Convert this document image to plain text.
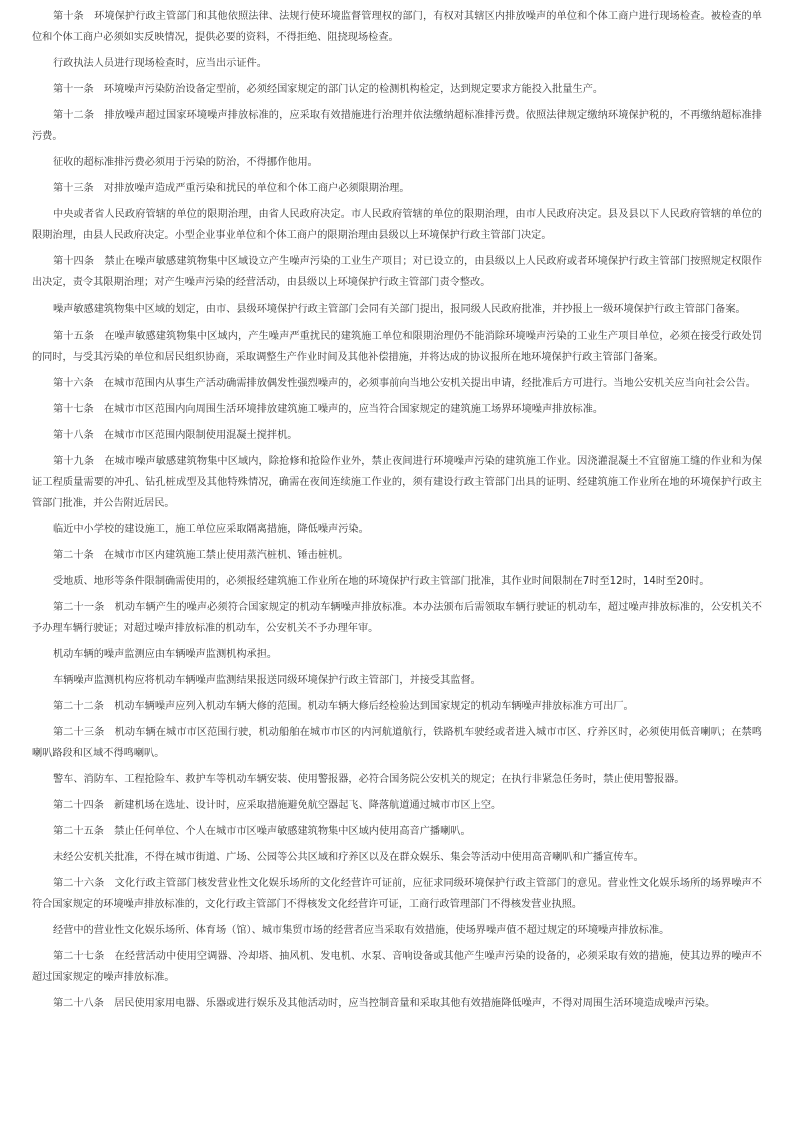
第十条　环境保护行政主管部门和其他依照法律、法规行使环境监督管理权的部门，有权对其辖区内排放噪声的单位和个体工商户进行现场检查。被检查的单位和个体工商户必须如实反映情况，提供必要的资料，不得拒绝、阻挠现场检查。

行政执法人员进行现场检查时，应当出示证件。

第十一条　环境噪声污染防治设备定型前，必须经国家规定的部门认定的检测机构检定，达到规定要求方能投入批量生产。

第十二条　排放噪声超过国家环境噪声排放标准的，应采取有效措施进行治理并依法缴纳超标准排污费。依照法律规定缴纳环境保护税的，不再缴纳超标准排污费。

征收的超标准排污费必须用于污染的防治，不得挪作他用。

第十三条　对排放噪声造成严重污染和扰民的单位和个体工商户必须限期治理。

中央或者省人民政府管辖的单位的限期治理，由省人民政府决定。市人民政府管辖的单位的限期治理，由市人民政府决定。县及县以下人民政府管辖的单位的限期治理，由县人民政府决定。小型企业事业单位和个体工商户的限期治理由县级以上环境保护行政主管部门决定。

第十四条　禁止在噪声敏感建筑物集中区域设立产生噪声污染的工业生产项目；对已设立的，由县级以上人民政府或者环境保护行政主管部门按照规定权限作出决定，责令其限期治理；对产生噪声污染的经营活动，由县级以上环境保护行政主管部门责令整改。

噪声敏感建筑物集中区域的划定，由市、县级环境保护行政主管部门会同有关部门提出，报同级人民政府批准，并抄报上一级环境保护行政主管部门备案。

第十五条　在噪声敏感建筑物集中区域内，产生噪声严重扰民的建筑施工单位和限期治理仍不能消除环境噪声污染的工业生产项目单位，必须在接受行政处罚的同时，与受其污染的单位和居民组织协商，采取调整生产作业时间及其他补偿措施，并将达成的协议报所在地环境保护行政主管部门备案。

第十六条　在城市范围内从事生产活动确需排放偶发性强烈噪声的，必须事前向当地公安机关提出申请，经批准后方可进行。当地公安机关应当向社会公告。

第十七条　在城市市区范围内向周围生活环境排放建筑施工噪声的，应当符合国家规定的建筑施工场界环境噪声排放标准。

第十八条　在城市市区范围内限制使用混凝土搅拌机。

第十九条　在城市噪声敏感建筑物集中区域内，除抢修和抢险作业外，禁止夜间进行环境噪声污染的建筑施工作业。因浇灌混凝土不宜留施工缝的作业和为保证工程质量需要的冲孔、钻孔桩成型及其他特殊情况，确需在夜间连续施工作业的，须有建设行政主管部门出具的证明、经建筑施工作业所在地的环境保护行政主管部门批准，并公告附近居民。

临近中小学校的建设施工，施工单位应采取隔离措施，降低噪声污染。

第二十条　在城市市区内建筑施工禁止使用蒸汽桩机、锤击桩机。

受地质、地形等条件限制确需使用的，必须报经建筑施工作业所在地的环境保护行政主管部门批准，其作业时间限制在7时至12时，14时至20时。

第二十一条　机动车辆产生的噪声必须符合国家规定的机动车辆噪声排放标准。本办法颁布后需领取车辆行驶证的机动车，超过噪声排放标准的，公安机关不予办理车辆行驶证；对超过噪声排放标准的机动车，公安机关不予办理年审。

机动车辆的噪声监测应由车辆噪声监测机构承担。

车辆噪声监测机构应将机动车辆噪声监测结果报送同级环境保护行政主管部门，并接受其监督。

第二十二条　机动车辆噪声应列入机动车辆大修的范围。机动车辆大修后经检验达到国家规定的机动车辆噪声排放标准方可出厂。

第二十三条　机动车辆在城市市区范围行驶，机动船舶在城市市区的内河航道航行，铁路机车驶经或者进入城市市区、疗养区时，必须使用低音喇叭；在禁鸣喇叭路段和区域不得鸣喇叭。

警车、消防车、工程抢险车、救护车等机动车辆安装、使用警报器，必符合国务院公安机关的规定；在执行非紧急任务时，禁止使用警报器。

第二十四条　新建机场在选址、设计时，应采取措施避免航空器起飞、降落航道通过城市市区上空。

第二十五条　禁止任何单位、个人在城市市区噪声敏感建筑物集中区域内使用高音广播喇叭。

未经公安机关批准，不得在城市街道、广场、公园等公共区域和疗养区以及在群众娱乐、集会等活动中使用高音喇叭和广播宣传车。

第二十六条　文化行政主管部门核发营业性文化娱乐场所的文化经营许可证前，应征求同级环境保护行政主管部门的意见。营业性文化娱乐场所的场界噪声不符合国家规定的环境噪声排放标准的，文化行政主管部门不得核发文化经营许可证，工商行政管理部门不得核发营业执照。

经营中的营业性文化娱乐场所、体育场（馆）、城市集贸市场的经营者应当采取有效措施，使场界噪声值不超过规定的环境噪声排放标准。

第二十七条　在经营活动中使用空调器、冷却塔、抽风机、发电机、水泵、音响设备或其他产生噪声污染的设备的，必须采取有效的措施，使其边界的噪声不超过国家规定的噪声排放标准。

第二十八条　居民使用家用电器、乐器或进行娱乐及其他活动时，应当控制音量和采取其他有效措施降低噪声，不得对周围生活环境造成噪声污染。
